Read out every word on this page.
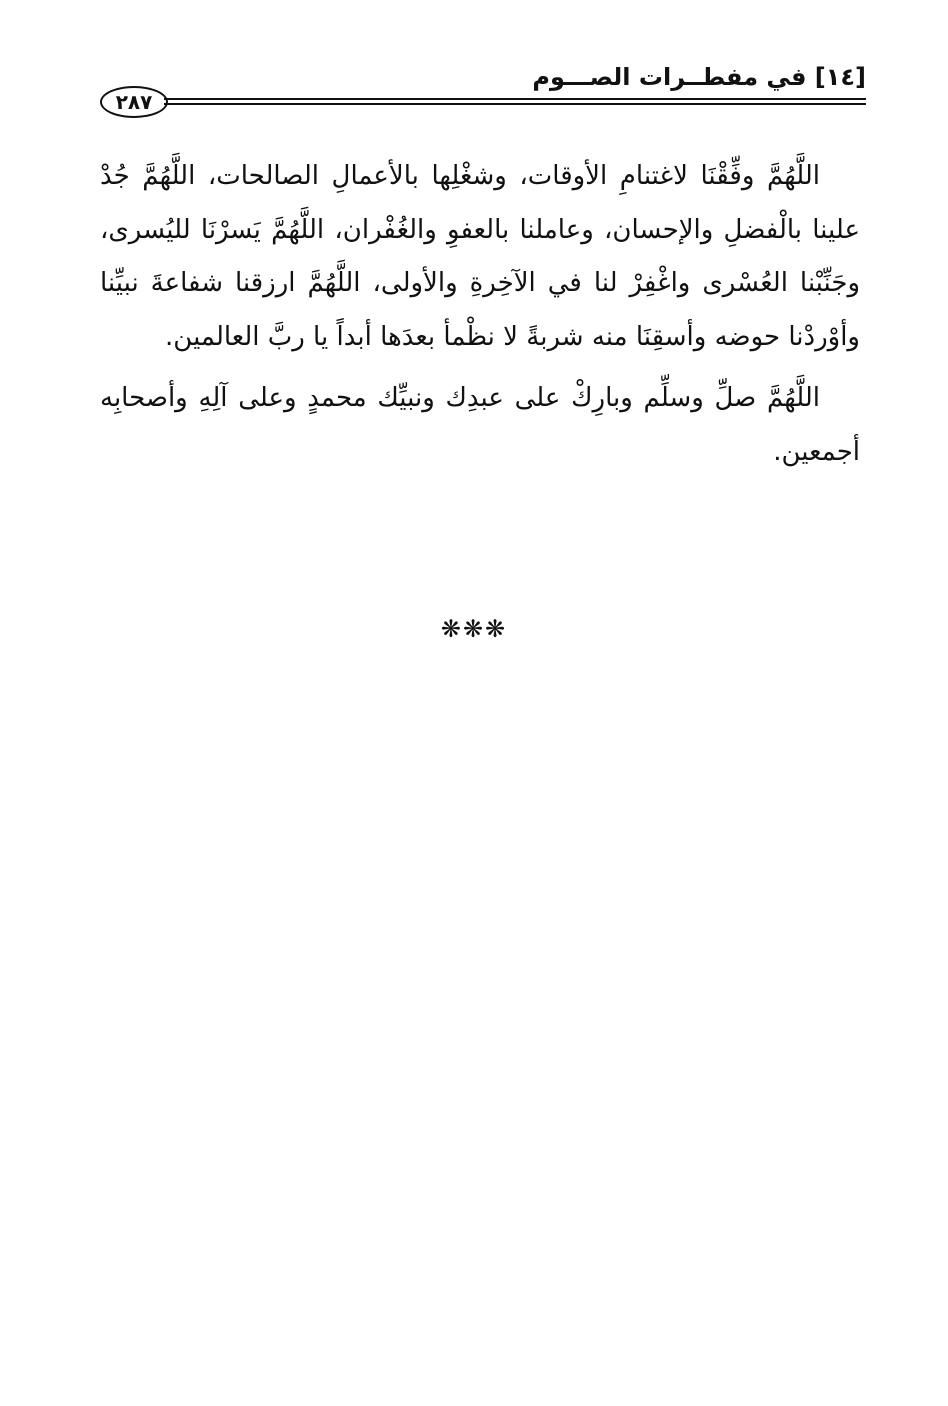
[١٤] في مفطــرات الصـــوم
٢٨٧

اللَّهُمَّ وفِّقْنَا لاغتنامِ الأوقات، وشغْلِها بالأعمالِ الصالحات، اللَّهُمَّ جُدْ علينا بالْفضلِ والإحسان، وعاملنا بالعفوِ والغُفْران، اللَّهُمَّ يَسرْنَا لليُسرى، وجَنِّبْنا العُسْرى واغْفِرْ لنا في الآخِرةِ والأولى، اللَّهُمَّ ارزقنا شفاعةَ نبيِّنا وأوْردْنا حوضه وأسقِنَا منه شربةً لا نظْمأ بعدَها أبداً يا ربَّ العالمين.

اللَّهُمَّ صلِّ وسلِّم وبارِكْ على عبدِك ونبيِّك محمدٍ وعلى آلِهِ وأصحابِه أجمعين.

❋❋❋
